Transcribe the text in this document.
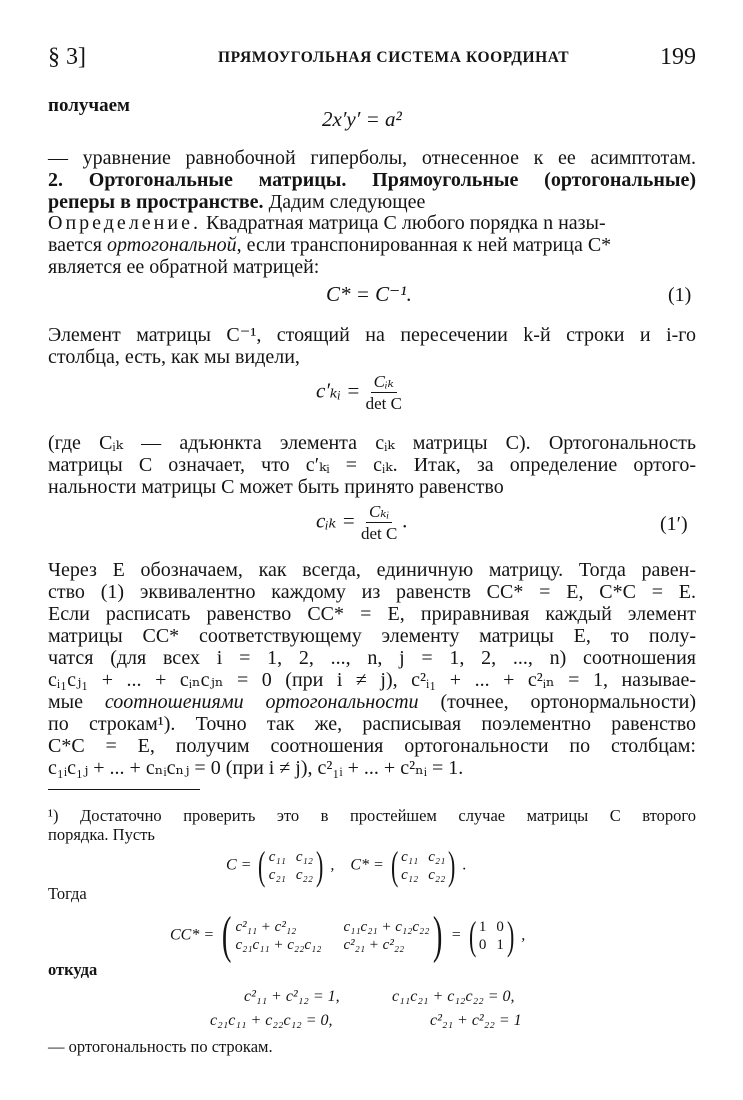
§ 3]	ПРЯМОУГОЛЬНАЯ СИСТЕМА КООРДИНАТ	199
получаем
2x′y′ = a²
— уравнение равнобочной гиперболы, отнесенное к ее асимптотам.
2. Ортогональные матрицы. Прямоугольные (ортогональные)
реперы в пространстве. Дадим следующее
Определение. Квадратная матрица C любого порядка n назы-
вается ортогональной, если транспонированная к ней матрица C*
является ее обратной матрицей:
C* = C⁻¹.	(1)
Элемент матрицы C⁻¹, стоящий на пересечении k-й строки и i-го
столбца, есть, как мы видели,
c′ₖᵢ = $\frac{\text{Cᵢₖ}}{\text{det C}}$
(где Cᵢₖ — адъюнкта элемента cᵢₖ матрицы C). Ортогональность
матрицы C означает, что c′ₖᵢ = cᵢₖ. Итак, за определение ортого-
нальности матрицы C может быть принято равенство
cᵢₖ = $\frac{\text{Cₖᵢ}}{\text{det C}}$ .	(1′)
Через E обозначаем, как всегда, единичную матрицу. Тогда равен-
ство (1) эквивалентно каждому из равенств CC* = E, C*C = E.
Если расписать равенство CC* = E, приравнивая каждый элемент
матрицы CC* соответствующему элементу матрицы E, то полу-
чатся (для всех i = 1, 2, ..., n, j = 1, 2, ..., n) соотношения
cᵢ₁cⱼ₁ + ... + cᵢₙcⱼₙ = 0 (при i ≠ j), c²ᵢ₁ + ... + c²ᵢₙ = 1, называе-
мые соотношениями ортогональности (точнее, ортонормальности)
по строкам¹). Точно так же, расписывая поэлементно равенство
C*C = E, получим соотношения ортогональности по столбцам:
c₁ᵢc₁ⱼ + ... + cₙᵢcₙⱼ = 0 (при i ≠ j), c²₁ᵢ + ... + c²ₙᵢ = 1.
¹) Достаточно проверить это в простейшем случае матрицы C второго
порядка. Пусть
C = ( c₁₁ c₁₂
c₂₁ c₂₂ ) , C* = ( c₁₁ c₂₁
c₁₂ c₂₂ ) .
Тогда
CC* = ( c²₁₁ + c²₁₂	c₁₁c₂₁ + c₁₂c₂₂
c₂₁c₁₁ + c₂₂c₁₂ c²₂₁ + c²₂₂ ) = ( 1 0
0 1 ) ,
откуда
c²₁₁ + c²₁₂ = 1,	c₁₁c₂₁ + c₁₂c₂₂ = 0,
c₂₁c₁₁ + c₂₂c₁₂ = 0,	c²₂₁ + c²₂₂ = 1
— ортогональность по строкам.
